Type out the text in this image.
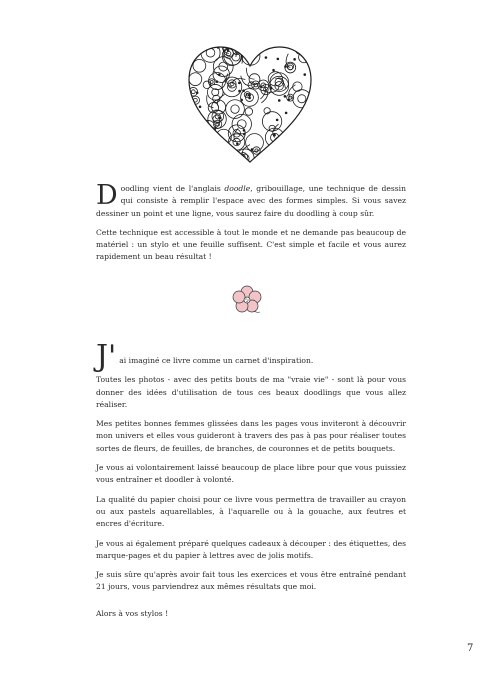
Doodling vient de l'anglais doodle, gribouillage, une technique de dessin qui consiste à remplir l'espace avec des formes simples. Si vous savez dessiner un point et une ligne, vous saurez faire du doodling à coup sûr.

Cette technique est accessible à tout le monde et ne demande pas beaucoup de matériel : un stylo et une feuille suffisent. C'est simple et facile et vous aurez rapidement un beau résultat !

J' ai imaginé ce livre comme un carnet d'inspiration.

Toutes les photos - avec des petits bouts de ma "vraie vie" - sont là pour vous donner des idées d'utilisation de tous ces beaux doodlings que vous allez réaliser.

Mes petites bonnes femmes glissées dans les pages vous inviteront à découvrir mon univers et elles vous guideront à travers des pas à pas pour réaliser toutes sortes de fleurs, de feuilles, de branches, de couronnes et de petits bouquets.

Je vous ai volontairement laissé beaucoup de place libre pour que vous puissiez vous entraîner et doodler à volonté.

La qualité du papier choisi pour ce livre vous permettra de travailler au crayon ou aux pastels aquarellables, à l'aquarelle ou à la gouache, aux feutres et encres d'écriture.

Je vous ai également préparé quelques cadeaux à découper : des étiquettes, des marque-pages et du papier à lettres avec de jolis motifs.

Je suis sûre qu'après avoir fait tous les exercices et vous être entraîné pendant 21 jours, vous parviendrez aux mêmes résultats que moi.

Alors à vos stylos !

7
